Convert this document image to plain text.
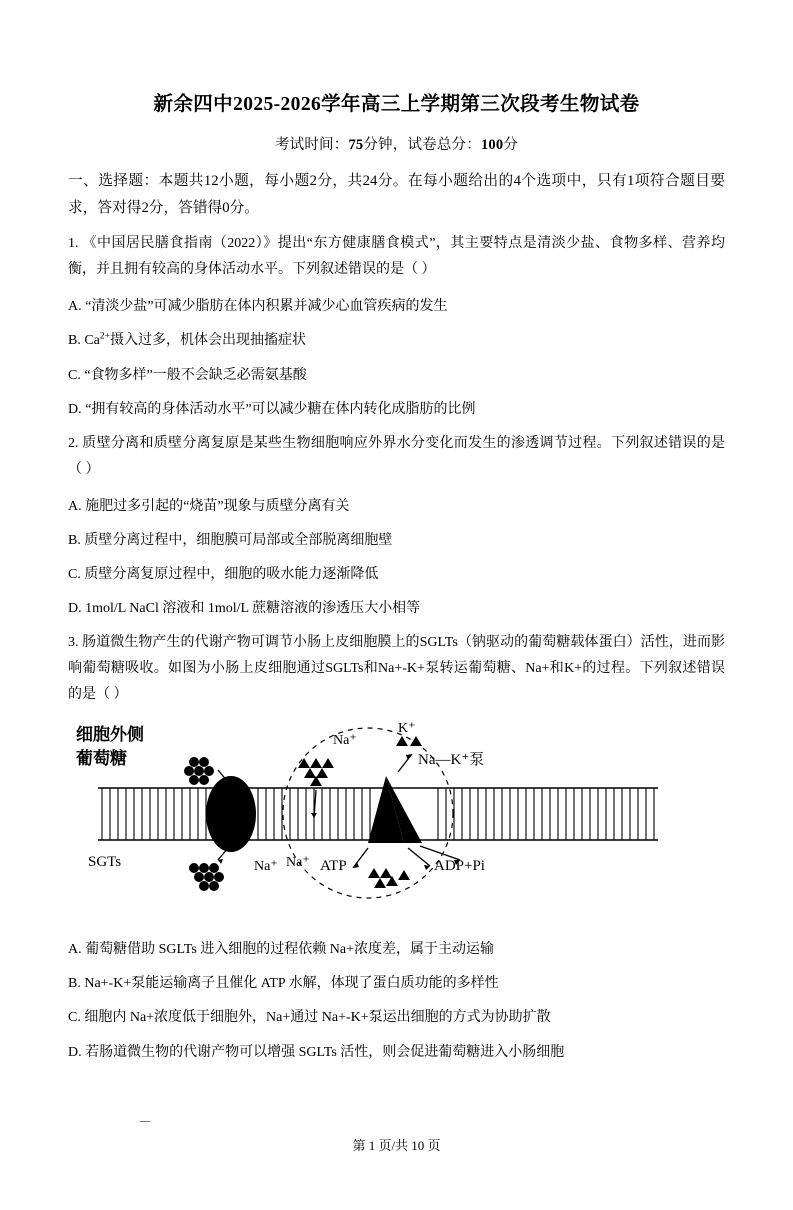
新余四中2025-2026学年高三上学期第三次段考生物试卷
考试时间：75分钟，试卷总分：100分
一、选择题：本题共12小题，每小题2分，共24分。在每小题给出的4个选项中，只有1项符合题目要求，答对得2分，答错得0分。
1. 《中国居民膳食指南（2022）》提出“东方健康膳食模式”，其主要特点是清淡少盐、食物多样、营养均衡，并且拥有较高的身体活动水平。下列叙述错误的是（ ）
A. “清淡少盐”可减少脂肪在体内积累并减少心血管疾病的发生
B. $Ca^{2+}$摄入过多，机体会出现抽搐症状
C. “食物多样”一般不会缺乏必需氨基酸
D. “拥有较高的身体活动水平”可以减少糖在体内转化成脂肪的比例
2. 质壁分离和质壁分离复原是某些生物细胞响应外界水分变化而发生的渗透调节过程。下列叙述错误的是（ ）
A. 施肥过多引起的“烧苗”现象与质壁分离有关
B. 质壁分离过程中，细胞膜可局部或全部脱离细胞壁
C. 质壁分离复原过程中，细胞的吸水能力逐渐降低
D. 1mol/L NaCl 溶液和 1mol/L 蔗糖溶液的渗透压大小相等
3. 肠道微生物产生的代谢产物可调节小肠上皮细胞膜上的SGLTs（钠驱动的葡萄糖载体蛋白）活性，进而影响葡萄糖吸收。如图为小肠上皮细胞通过SGLTs和Na+-K+泵转运葡萄糖、Na+和K+的过程。下列叙述错误的是（ ）
细胞外侧
葡萄糖
SGTs
Na⁺
K⁺
Na—K⁺泵
Na⁺ Na⁺ ATP	ADP+Pi
A. 葡萄糖借助 SGLTs 进入细胞的过程依赖 Na+浓度差，属于主动运输
B. Na+-K+泵能运输离子且催化 ATP 水解，体现了蛋白质功能的多样性
C. 细胞内 Na+浓度低于细胞外，Na+通过 Na+-K+泵运出细胞的方式为协助扩散
D. 若肠道微生物的代谢产物可以增强 SGLTs 活性，则会促进葡萄糖进入小肠细胞
第 1 页/共 10 页
